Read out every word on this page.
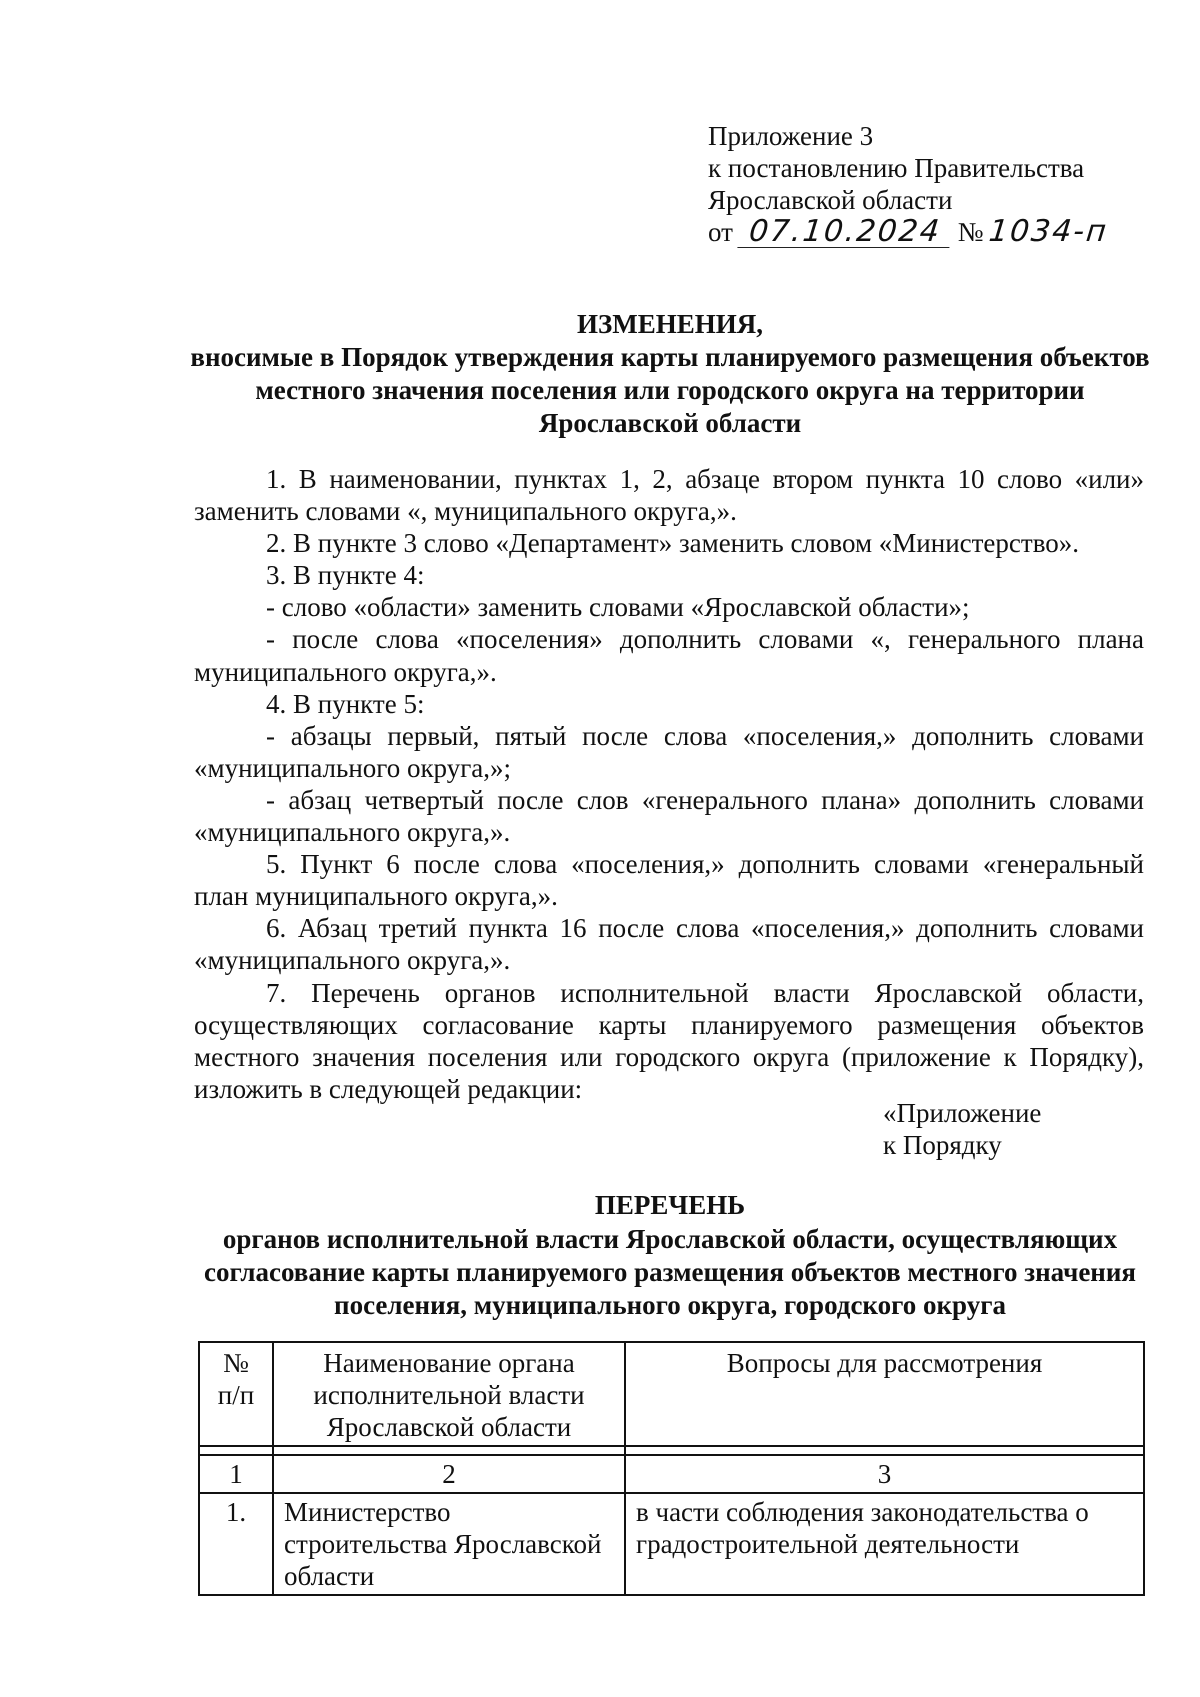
Приложение 3
к постановлению Правительства
Ярославской области
от 07.10.2024 № 1034-п
ИЗМЕНЕНИЯ,
вносимые в Порядок утверждения карты планируемого размещения объектов местного значения поселения или городского округа на территории Ярославской области

1. В наименовании, пунктах 1, 2, абзаце втором пункта 10 слово «или» заменить словами «, муниципального округа,».

2. В пункте 3 слово «Департамент» заменить словом «Министерство».

3. В пункте 4:

- слово «области» заменить словами «Ярославской области»;

- после слова «поселения» дополнить словами «, генерального плана муниципального округа,».

4. В пункте 5:

- абзацы первый, пятый после слова «поселения,» дополнить словами «муниципального округа,»;

- абзац четвертый после слов «генерального плана» дополнить словами «муниципального округа,».

5. Пункт 6 после слова «поселения,» дополнить словами «генеральный план муниципального округа,».

6. Абзац третий пункта 16 после слова «поселения,» дополнить словами «муниципального округа,».

7. Перечень органов исполнительной власти Ярославской области, осуществляющих согласование карты планируемого размещения объектов местного значения поселения или городского округа (приложение к Порядку), изложить в следующей редакции:

«Приложение
к Порядку
ПЕРЕЧЕНЬ
органов исполнительной власти Ярославской области, осуществляющих согласование карты планируемого размещения объектов местного значения поселения, муниципального округа, городского округа
№
п/п	Наименование органа исполнительной власти Ярославской области	Вопросы для рассмотрения

1	2	3
1.	Министерство строительства Ярославской области	в части соблюдения законодательства о градостроительной деятельности
